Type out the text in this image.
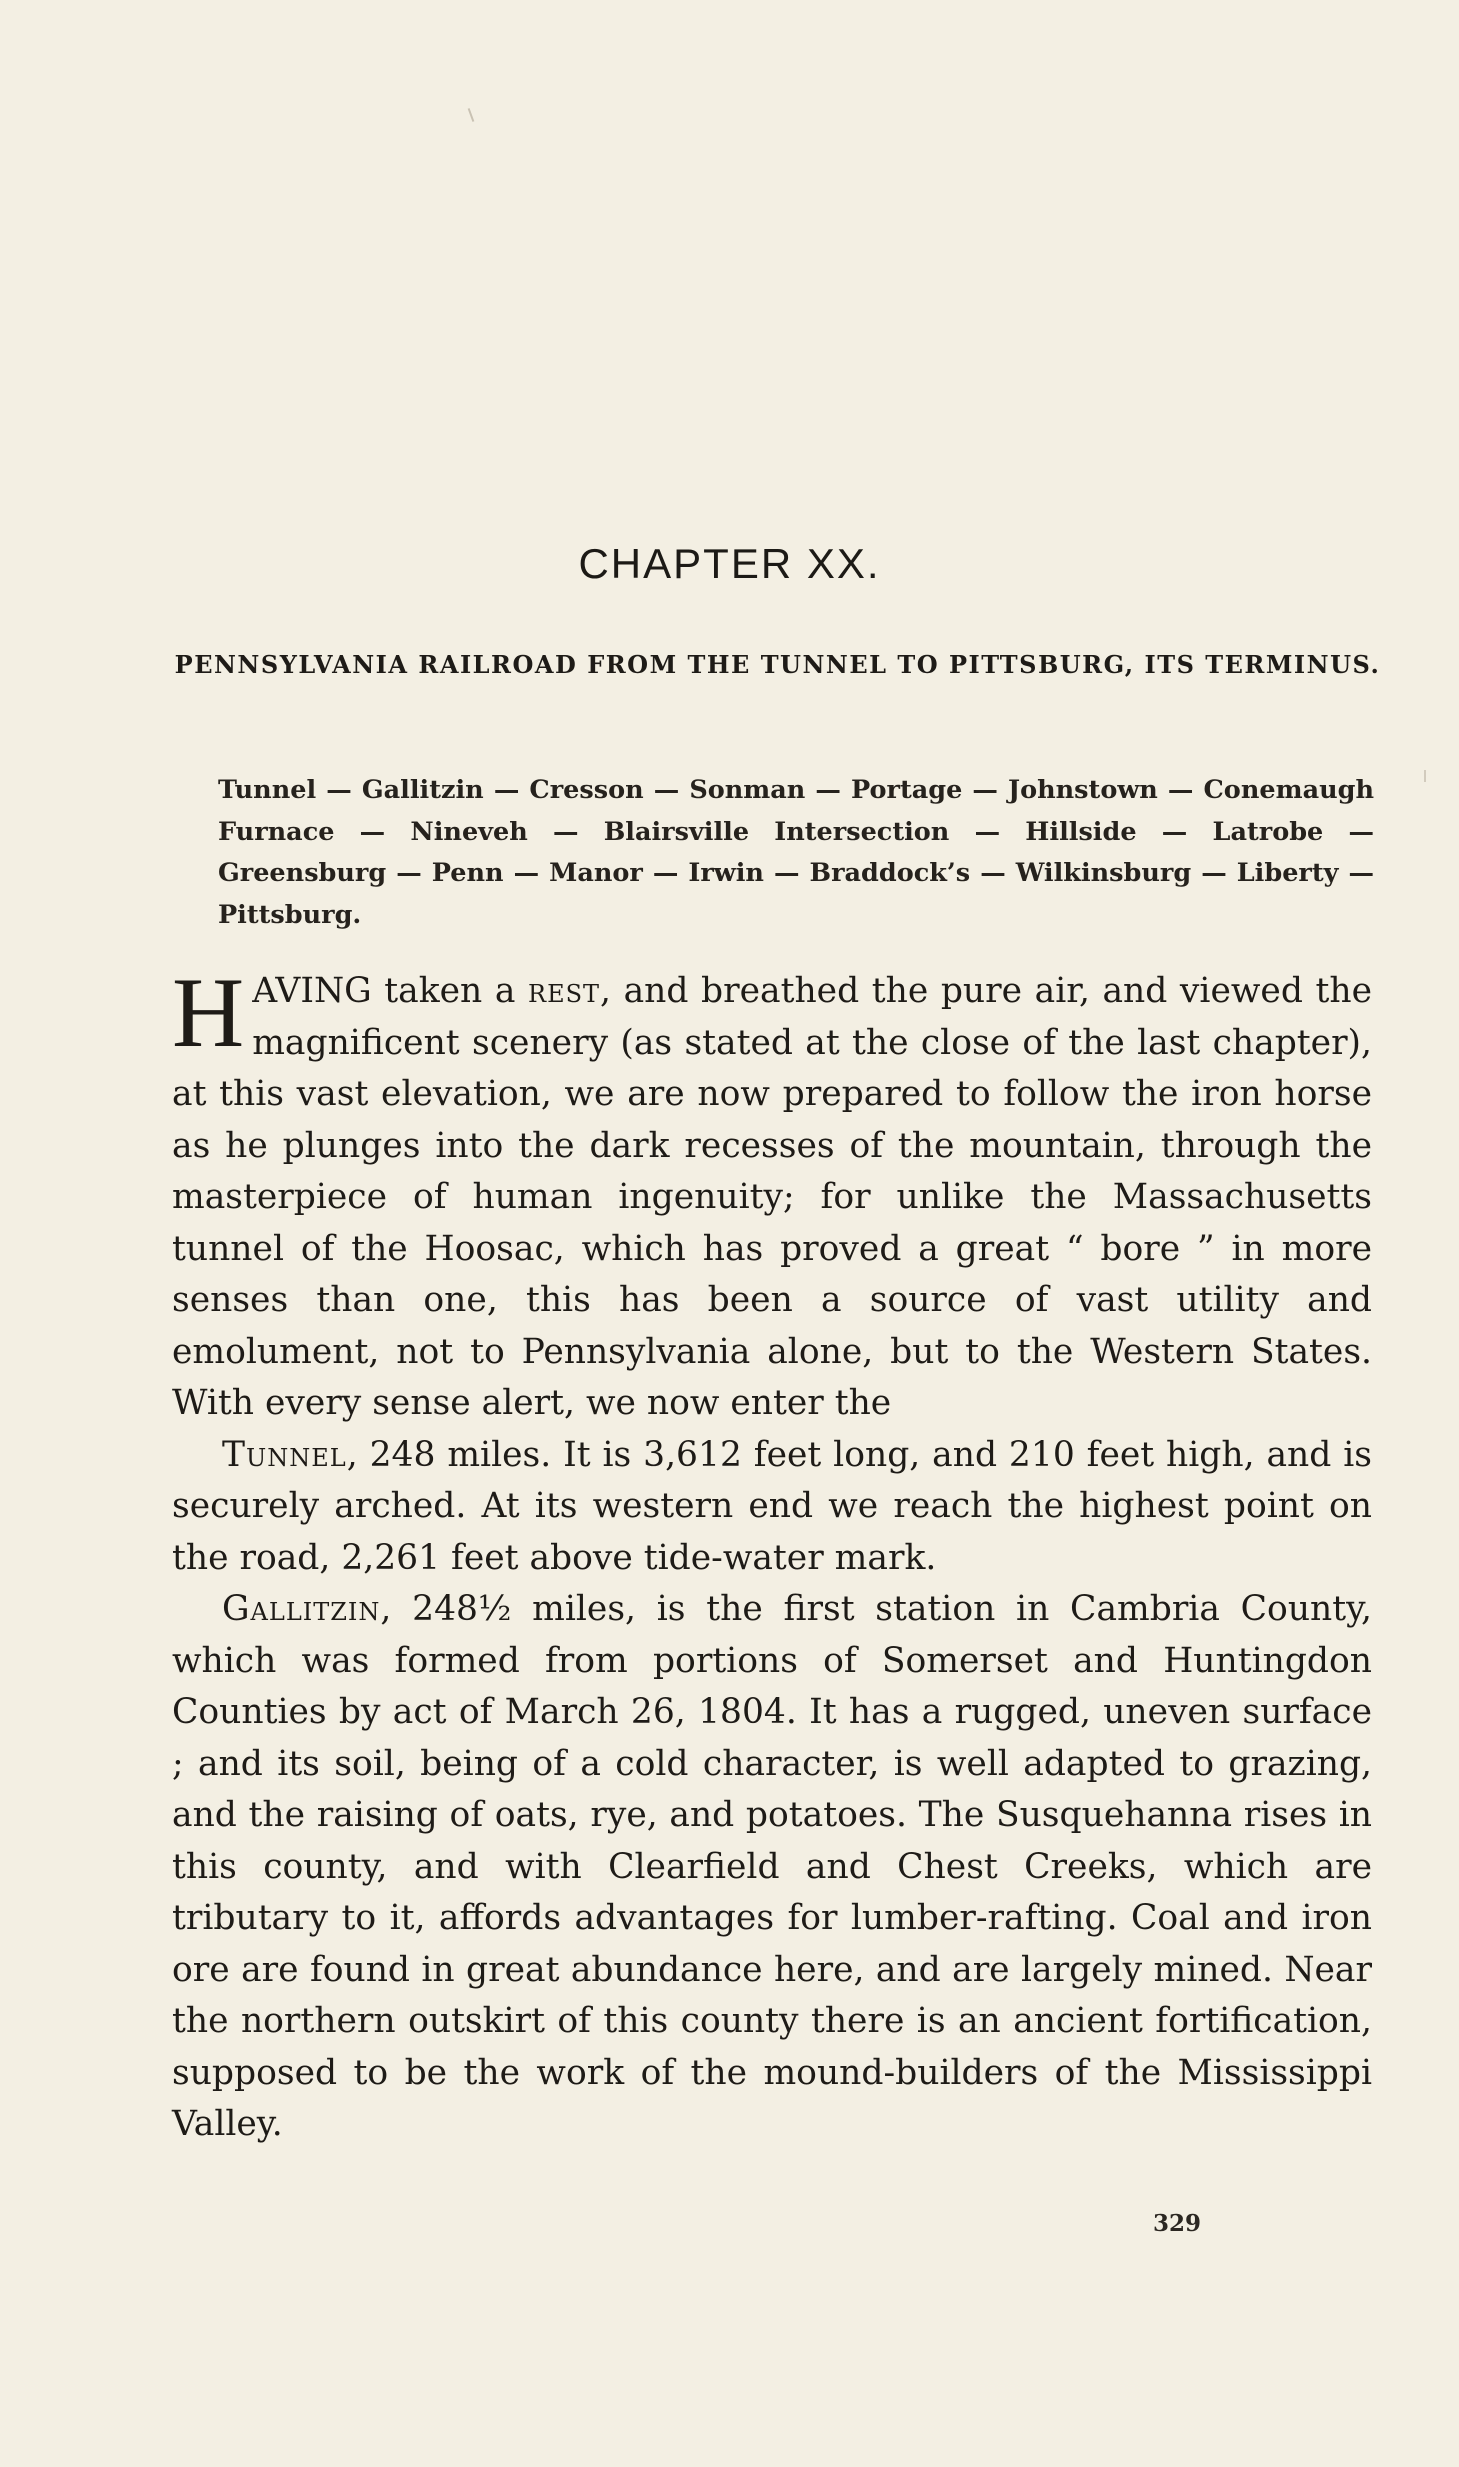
CHAPTER XX.
PENNSYLVANIA RAILROAD FROM THE TUNNEL TO PITTSBURG, ITS TERMINUS.
Tunnel — Gallitzin — Cresson — Sonman — Portage — Johnstown — Conemaugh Furnace — Nineveh — Blairsville Intersection — Hillside — Latrobe — Greensburg — Penn — Manor — Irwin — Braddock’s — Wilkinsburg — Liberty — Pittsburg.

HAVING taken a rest, and breathed the pure air, and viewed the magnificent scenery (as stated at the close of the last chapter), at this vast elevation, we are now prepared to follow the iron horse as he plunges into the dark recesses of the mountain, through the masterpiece of human ingenuity; for unlike the Massachusetts tunnel of the Hoosac, which has proved a great “ bore ” in more senses than one, this has been a source of vast utility and emolument, not to Pennsylvania alone, but to the Western States. With every sense alert, we now enter the

Tunnel, 248 miles. It is 3,612 feet long, and 210 feet high, and is securely arched. At its western end we reach the highest point on the road, 2,261 feet above tide-water mark.

Gallitzin, 248½ miles, is the first station in Cambria County, which was formed from portions of Somerset and Huntingdon Counties by act of March 26, 1804. It has a rugged, uneven surface ; and its soil, being of a cold character, is well adapted to grazing, and the raising of oats, rye, and potatoes. The Susquehanna rises in this county, and with Clearfield and Chest Creeks, which are tributary to it, affords advantages for lumber-rafting. Coal and iron ore are found in great abundance here, and are largely mined. Near the northern outskirt of this county there is an ancient fortification, supposed to be the work of the mound-builders of the Mississippi Valley.

329
